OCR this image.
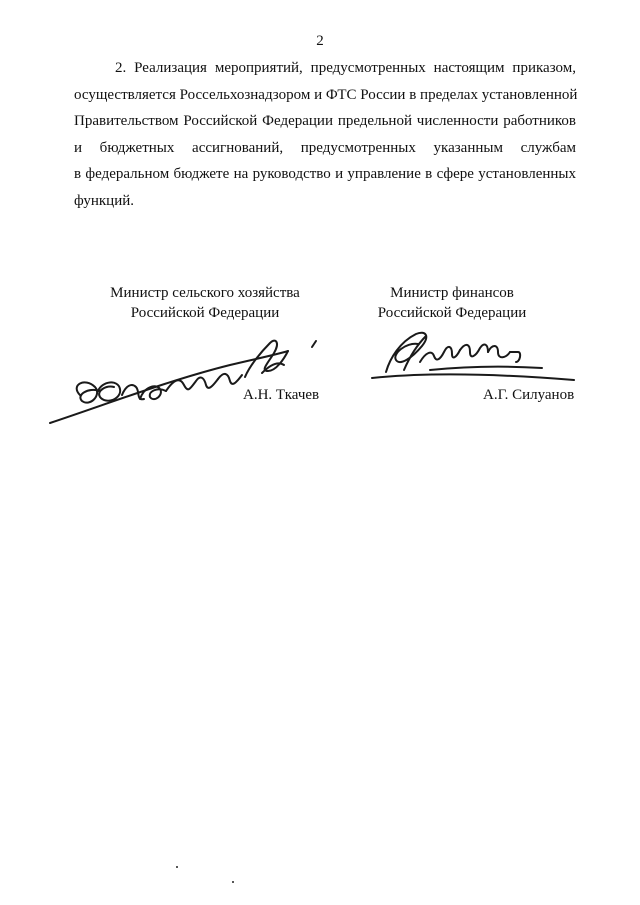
2
2. Реализация мероприятий, предусмотренных настоящим приказом,
осуществляется Россельхознадзором и ФТС России в пределах установленной
Правительством Российской Федерации предельной численности работников
и бюджетных ассигнований, предусмотренных указанным службам
в федеральном бюджете на руководство и управление в сфере установленных
функций.
Министр сельского хозяйства
Российской Федерации
Министр финансов
Российской Федерации
А.Н. Ткачев	А.Г. Силуанов
